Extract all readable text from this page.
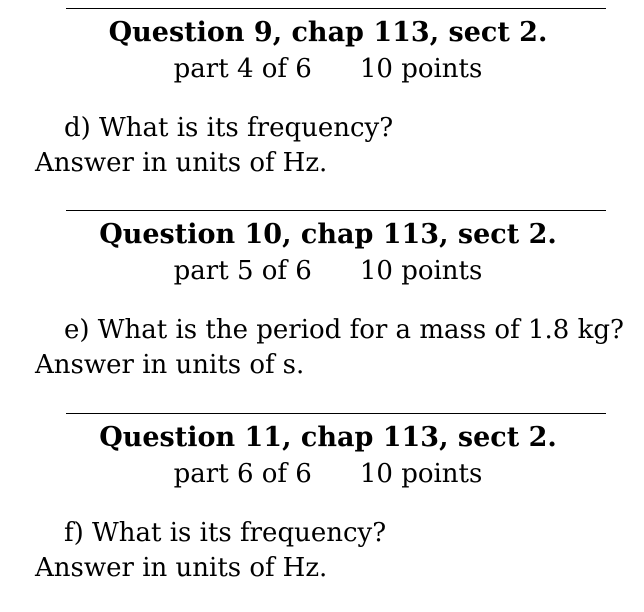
Question 9, chap 113, sect 2.
part 4 of 6 10 points
d) What is its frequency?
Answer in units of Hz.
Question 10, chap 113, sect 2.
part 5 of 6 10 points
e) What is the period for a mass of 1.8 kg?
Answer in units of s.
Question 11, chap 113, sect 2.
part 6 of 6 10 points
f) What is its frequency?
Answer in units of Hz.
